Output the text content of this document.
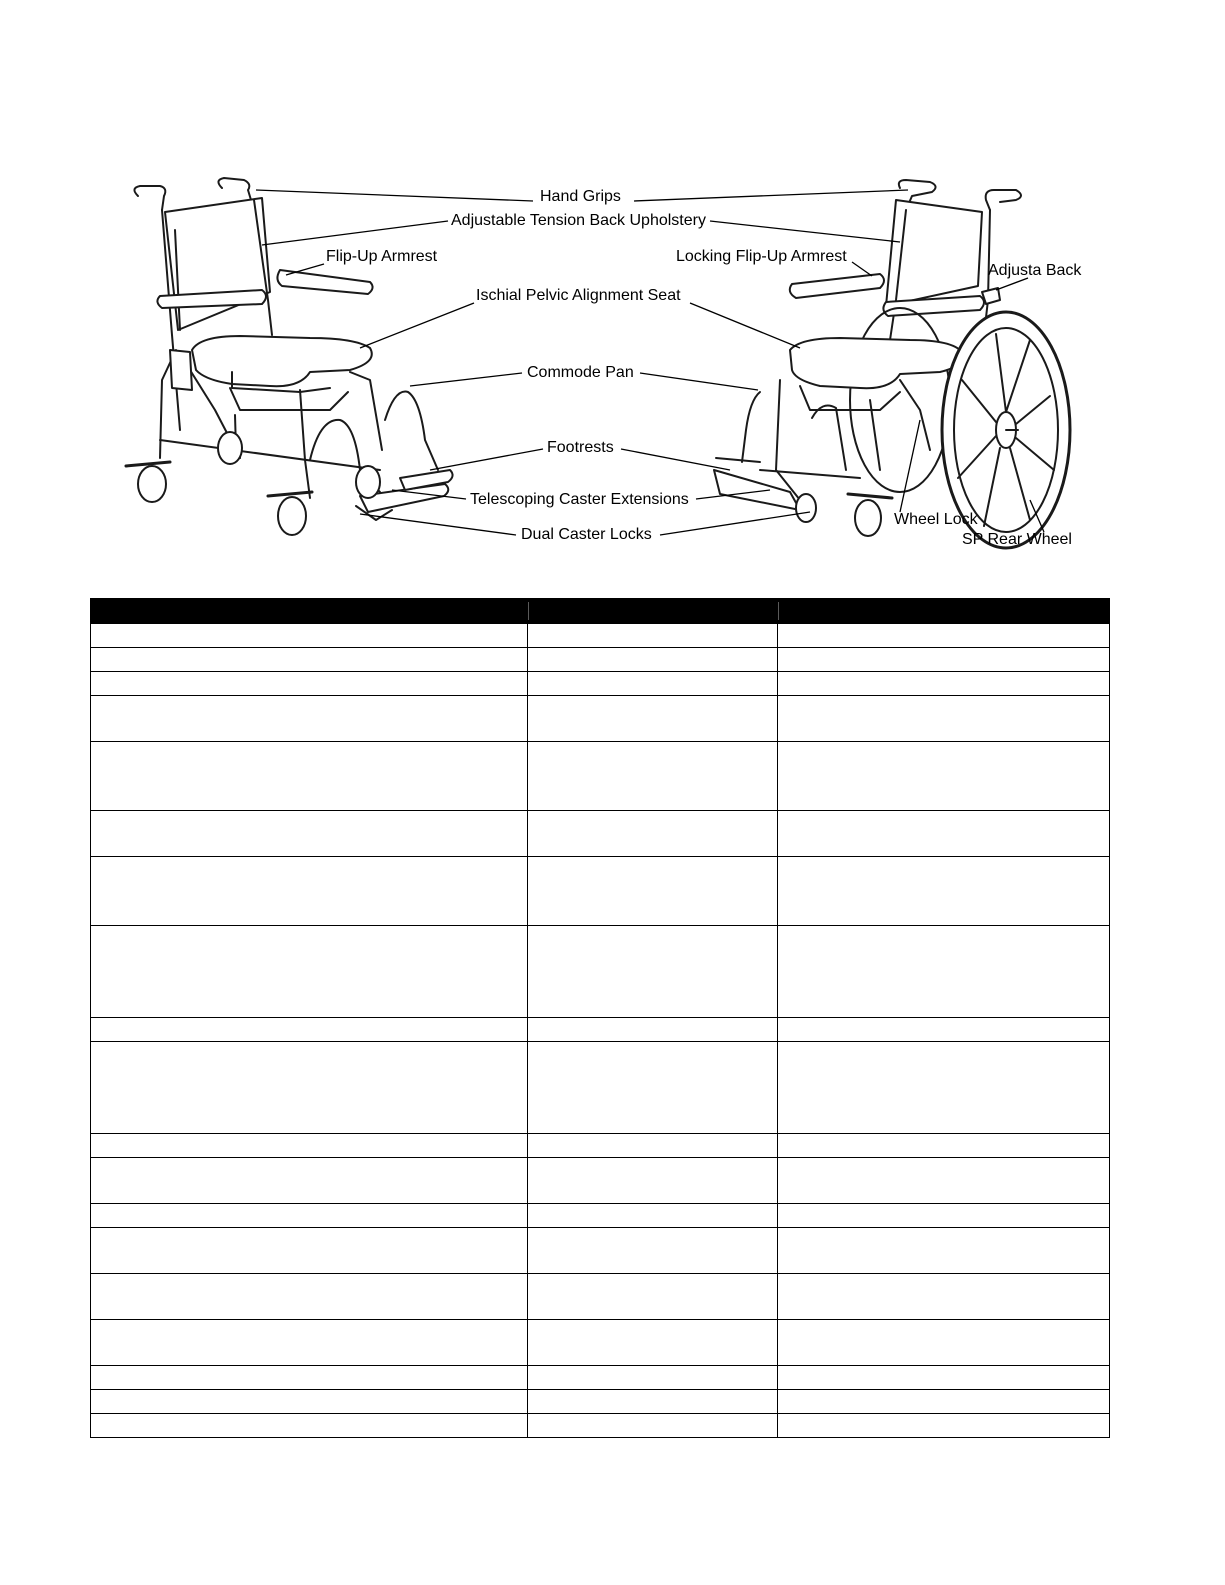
Hand Grips
Adjustable Tension Back Upholstery
Flip-Up Armrest	Locking Flip-Up Armrest
Adjusta Back
Ischial Pelvic Alignment Seat
Commode Pan
Footrests
Telescoping Caster Extensions
Dual Caster Locks
Wheel Lock
SP Rear Wheel
